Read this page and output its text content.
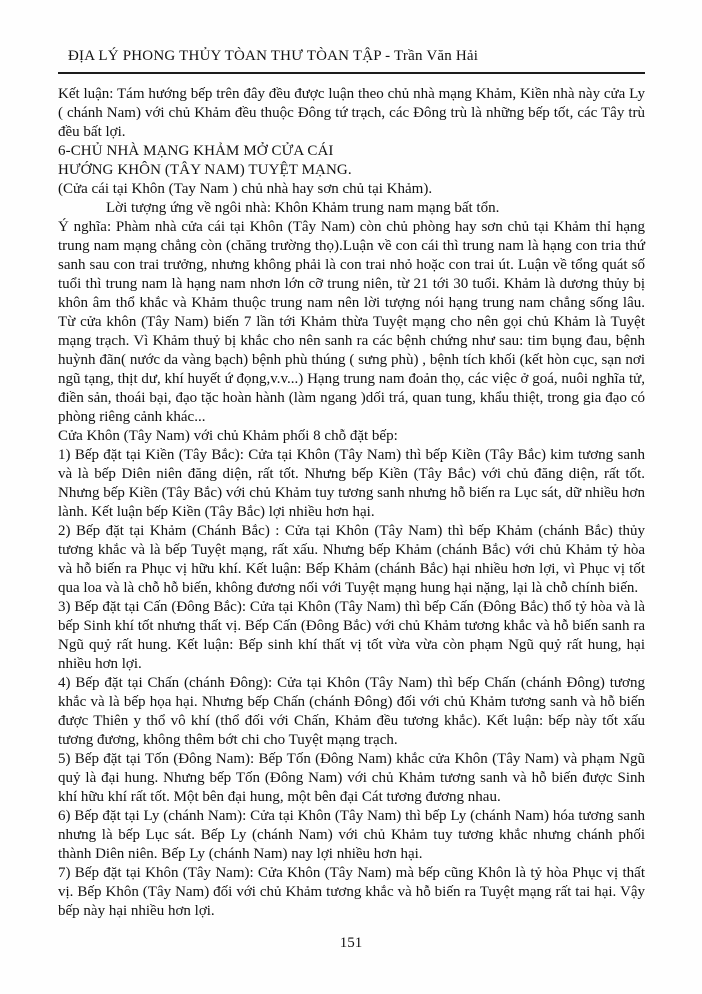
ĐỊA LÝ PHONG THỦY TÒAN THƯ TÒAN TẬP - Trần Văn Hải

Kết luận: Tám hướng bếp trên đây đều được luận theo chủ nhà mạng Khảm, Kiền nhà này cửa Ly ( chánh Nam) với chủ Khảm đều thuộc Đông tứ trạch, các Đông trù là những bếp tốt, các Tây trù đều bất lợi.

6-CHỦ NHÀ MẠNG KHẢM MỞ CỬA CÁI

HƯỚNG KHÔN (TÂY NAM) TUYỆT MẠNG.

(Cửa cái tại Khôn (Tay Nam ) chủ nhà hay sơn chủ tại Khảm).

Lời tượng ứng về ngôi nhà: Khôn Khảm trung nam mạng bất tổn.

Ý nghĩa: Phàm nhà cửa cái tại Khôn (Tây Nam) còn chủ phòng hay sơn chủ tại Khảm thỉ hạng trung nam mạng chẳng còn (chăng trường thọ).Luận về con cái thì trung nam là hạng con tria thứ sanh sau con trai trưởng, nhưng không phải là con trai nhỏ hoặc con trai út. Luận về tổng quát số tuổi thì trung nam là hạng nam nhơn lớn cỡ trung niên, từ 21 tới 30 tuổi. Khảm là dương thủy bị khôn âm thổ khắc và Khảm thuộc trung nam nên lời tượng nói hạng trung nam chẳng sống lâu. Từ cửa khôn (Tây Nam) biến 7 lần tới Khảm thừa Tuyệt mạng cho nên gọi chủ Khảm là Tuyệt mạng trạch. Vì Khảm thuỷ bị khắc cho nên sanh ra các bệnh chứng như sau: tim bụng đau, bệnh huỳnh đãn( nước da vàng bạch) bệnh phù thúng ( sưng phù) , bệnh tích khối (kết hòn cục, sạn nơi ngũ tạng, thịt dư, khí huyết ứ đọng,v.v...) Hạng trung nam đoản thọ, các việc ở goá, nuôi nghĩa tử, điền sản, thoái bại, đạo tặc hoàn hành (làm ngang )dối trá, quan tung, khẩu thiệt, trong gia đạo có phòng riêng cảnh khác...

Cửa Khôn (Tây Nam) với chủ Khảm phối 8 chỗ đặt bếp:

1) Bếp đặt tại Kiền (Tây Bắc): Cửa tại Khôn (Tây Nam) thì bếp Kiền (Tây Bắc) kim tương sanh và là bếp Diên niên đăng diện, rất tốt. Nhưng bếp Kiền (Tây Bắc) với chủ đăng diện, rất tốt. Nhưng bếp Kiền (Tây Bắc) với chủ Khảm tuy tương sanh nhưng hỗ biến ra Lục sát, dữ nhiều hơn lành. Kết luận bếp Kiền (Tây Bắc) lợi nhiều hơn hại.

2) Bếp đặt tại Khảm (Chánh Bắc) : Cửa tại Khôn (Tây Nam) thì bếp Khảm (chánh Bắc) thủy tương khắc và là bếp Tuyệt mạng, rất xấu. Nhưng bếp Khảm (chánh Bắc) với chủ Khảm tỷ hòa và hỗ biến ra Phục vị hữu khí. Kết luận: Bếp Khảm (chánh Bắc) hại nhiều hơn lợi, vì Phục vị tốt qua loa và là chỗ hỗ biến, không đương nối với Tuyệt mạng hung hại nặng, lại là chỗ chính biến.

3) Bếp đặt tại Cấn (Đông Bắc): Cửa tại Khôn (Tây Nam) thì bếp Cấn (Đông Bắc) thổ tỷ hòa và là bếp Sinh khí tốt nhưng thất vị. Bếp Cấn (Đông Bắc) với chủ Khảm tương khắc và hỗ biến sanh ra Ngũ quỷ rất hung. Kết luận: Bếp sinh khí thất vị tốt vừa vừa còn phạm Ngũ quỷ rất hung, hại nhiều hơn lợi.

4) Bếp đặt tại Chấn (chánh Đông): Cửa tại Khôn (Tây Nam) thì bếp Chấn (chánh Đông) tương khắc và là bếp họa hại. Nhưng bếp Chấn (chánh Đông) đối với chủ Khảm tương sanh và hỗ biến được Thiên y thổ vô khí (thổ đối với Chấn, Khảm đều tương khắc). Kết luận: bếp này tốt xấu tương đương, không thêm bớt chi cho Tuyệt mạng trạch.

5) Bếp đặt tại Tốn (Đông Nam): Bếp Tốn (Đông Nam) khắc cửa Khôn (Tây Nam) và phạm Ngũ quỷ là đại hung. Nhưng bếp Tốn (Đông Nam) với chủ Khảm tương sanh và hỗ biến được Sinh khí hữu khí rất tốt. Một bên đại hung, một bên đại Cát tương đương nhau.

6) Bếp đặt tại Ly (chánh Nam): Cửa tại Khôn (Tây Nam) thì bếp Ly (chánh Nam) hóa tương sanh nhưng là bếp Lục sát. Bếp Ly (chánh Nam) với chủ Khảm tuy tương khắc nhưng chánh phối thành Diên niên. Bếp Ly (chánh Nam) nay lợi nhiều hơn hại.

7) Bếp đặt tại Khôn (Tây Nam): Cửa Khôn (Tây Nam) mà bếp cũng Khôn là tỷ hòa Phục vị thất vị. Bếp Khôn (Tây Nam) đối với chủ Khảm tương khắc và hỗ biến ra Tuyệt mạng rất tai hại. Vậy bếp này hại nhiều hơn lợi.

151
